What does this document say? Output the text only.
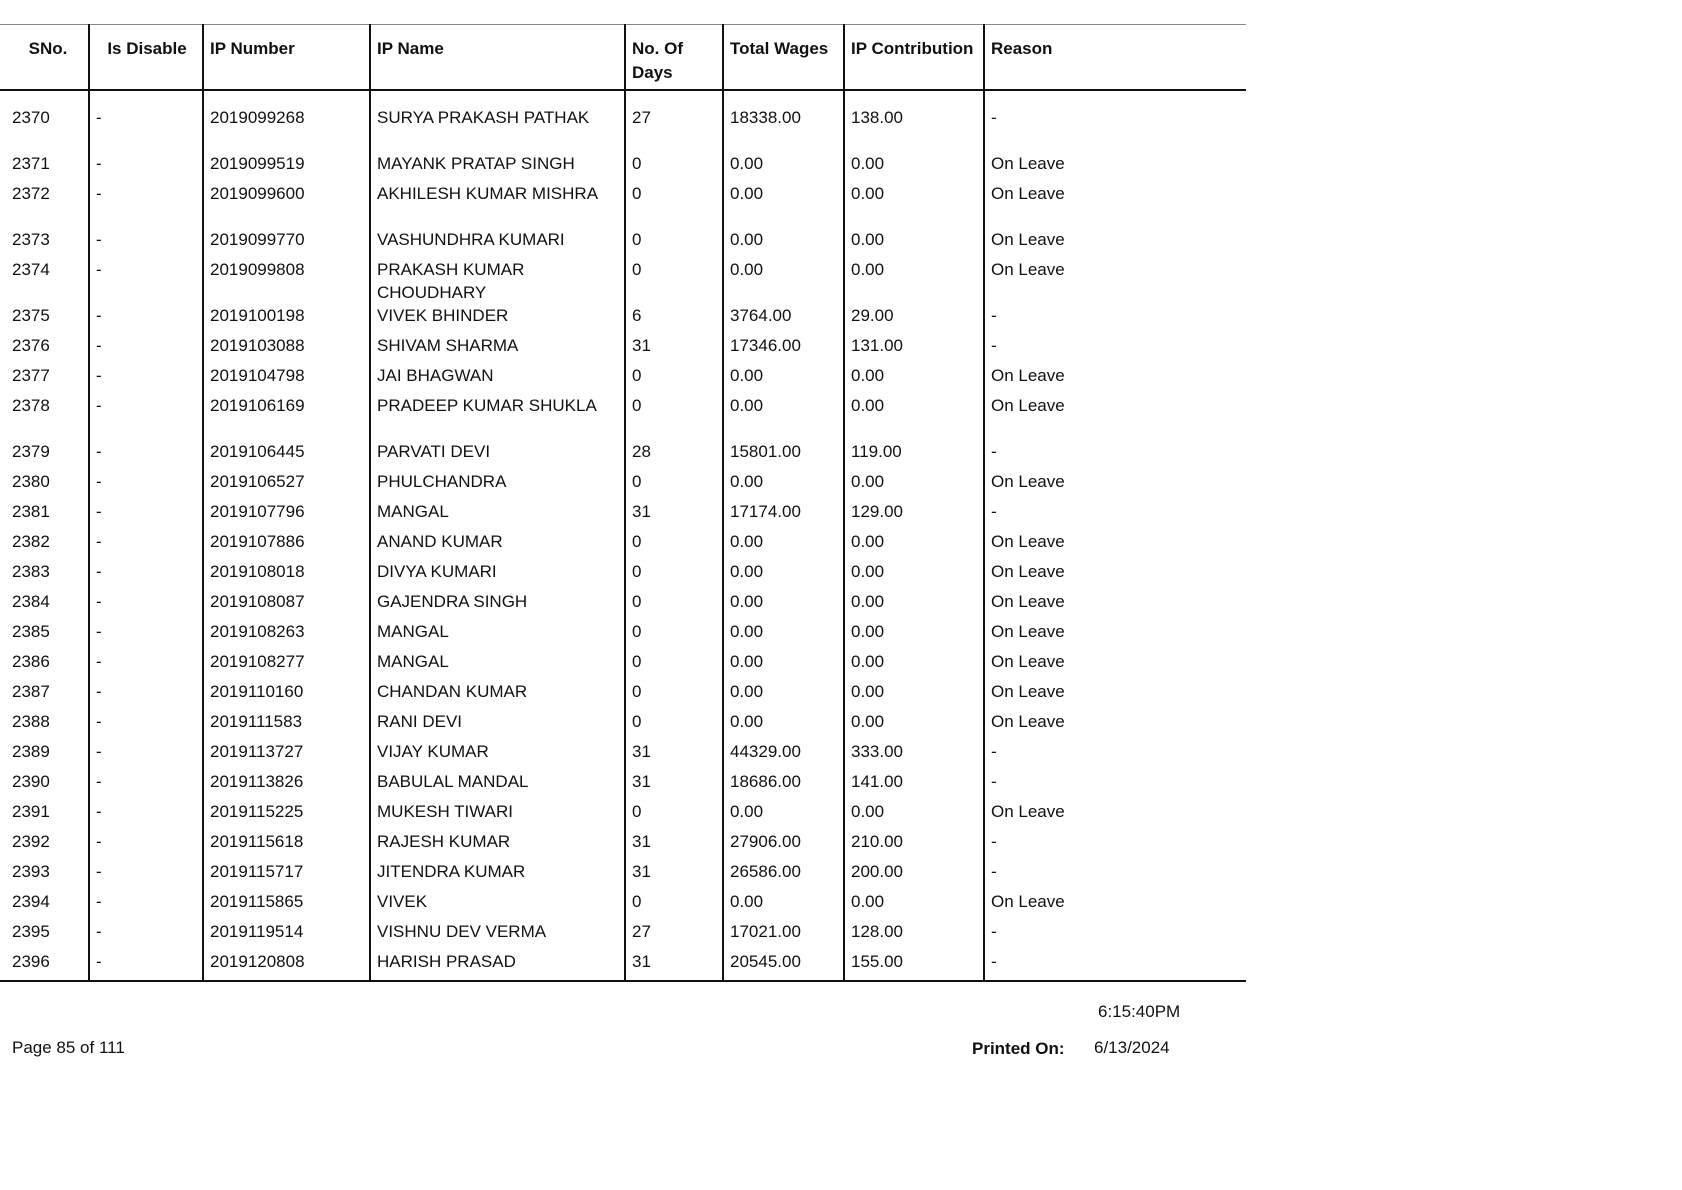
SNo.	Is Disable	IP Number	IP Name	No. Of Days	Total Wages	IP Contribution	Reason

2370	-	2019099268	SURYA PRAKASH PATHAK	27	18338.00	138.00	-
2371	-	2019099519	MAYANK PRATAP SINGH	0	0.00	0.00	On Leave
2372	-	2019099600	AKHILESH KUMAR MISHRA	0	0.00	0.00	On Leave
2373	-	2019099770	VASHUNDHRA KUMARI	0	0.00	0.00	On Leave
2374	-	2019099808	PRAKASH KUMAR CHOUDHARY	0	0.00	0.00	On Leave
2375	-	2019100198	VIVEK BHINDER	6	3764.00	29.00	-
2376	-	2019103088	SHIVAM SHARMA	31	17346.00	131.00	-
2377	-	2019104798	JAI BHAGWAN	0	0.00	0.00	On Leave
2378	-	2019106169	PRADEEP KUMAR SHUKLA	0	0.00	0.00	On Leave
2379	-	2019106445	PARVATI DEVI	28	15801.00	119.00	-
2380	-	2019106527	PHULCHANDRA	0	0.00	0.00	On Leave
2381	-	2019107796	MANGAL	31	17174.00	129.00	-
2382	-	2019107886	ANAND KUMAR	0	0.00	0.00	On Leave
2383	-	2019108018	DIVYA KUMARI	0	0.00	0.00	On Leave
2384	-	2019108087	GAJENDRA SINGH	0	0.00	0.00	On Leave
2385	-	2019108263	MANGAL	0	0.00	0.00	On Leave
2386	-	2019108277	MANGAL	0	0.00	0.00	On Leave
2387	-	2019110160	CHANDAN KUMAR	0	0.00	0.00	On Leave
2388	-	2019111583	RANI DEVI	0	0.00	0.00	On Leave
2389	-	2019113727	VIJAY KUMAR	31	44329.00	333.00	-
2390	-	2019113826	BABULAL MANDAL	31	18686.00	141.00	-
2391	-	2019115225	MUKESH TIWARI	0	0.00	0.00	On Leave
2392	-	2019115618	RAJESH KUMAR	31	27906.00	210.00	-
2393	-	2019115717	JITENDRA KUMAR	31	26586.00	200.00	-
2394	-	2019115865	VIVEK	0	0.00	0.00	On Leave
2395	-	2019119514	VISHNU DEV VERMA	27	17021.00	128.00	-
2396	-	2019120808	HARISH PRASAD	31	20545.00	155.00	-
6:15:40PM
Page 85 of 111	Printed On: 6/13/2024
